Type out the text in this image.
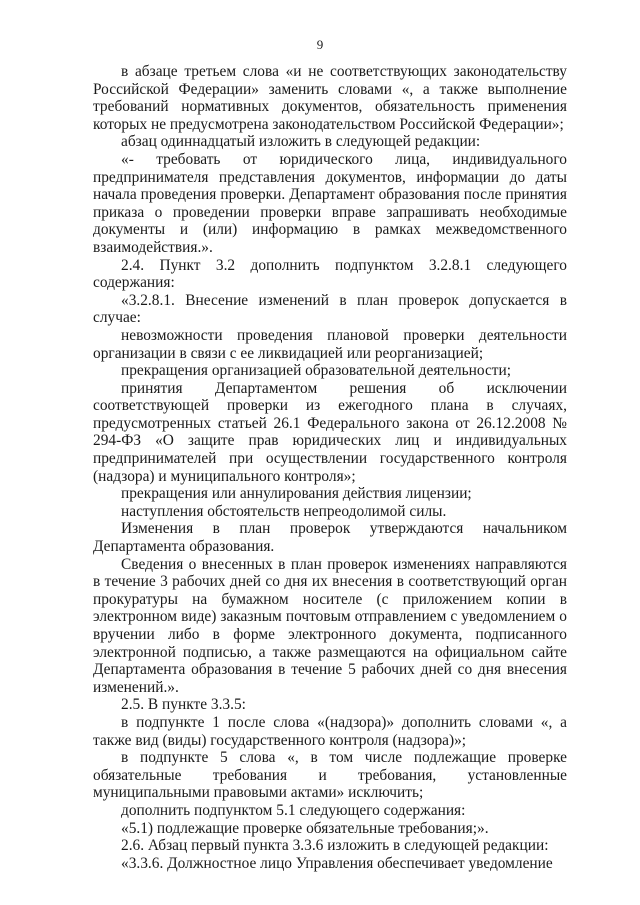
9

в абзаце третьем слова «и не соответствующих законодательству Российской Федерации» заменить словами «, а также выполнение требований нормативных документов, обязательность применения которых не предусмотрена законодательством Российской Федерации»;

абзац одиннадцатый изложить в следующей редакции:

«- требовать от юридического лица, индивидуального предпринимателя представления документов, информации до даты начала проведения проверки. Департамент образования после принятия приказа о проведении проверки вправе запрашивать необходимые документы и (или) информацию в рамках межведомственного взаимодействия.».

2.4. Пункт 3.2 дополнить подпунктом 3.2.8.1 следующего содержания:

«3.2.8.1. Внесение изменений в план проверок допускается в случае:

невозможности проведения плановой проверки деятельности организации в связи с ее ликвидацией или реорганизацией;

прекращения организацией образовательной деятельности;

принятия Департаментом решения об исключении соответствующей проверки из ежегодного плана в случаях, предусмотренных статьей 26.1 Федерального закона от 26.12.2008 № 294-ФЗ «О защите прав юридических лиц и индивидуальных предпринимателей при осуществлении государственного контроля (надзора) и муниципального контроля»;

прекращения или аннулирования действия лицензии;

наступления обстоятельств непреодолимой силы.

Изменения в план проверок утверждаются начальником Департамента образования.

Сведения о внесенных в план проверок изменениях направляются в течение 3 рабочих дней со дня их внесения в соответствующий орган прокуратуры на бумажном носителе (с приложением копии в электронном виде) заказным почтовым отправлением с уведомлением о вручении либо в форме электронного документа, подписанного электронной подписью, а также размещаются на официальном сайте Департамента образования в течение 5 рабочих дней со дня внесения изменений.».

2.5. В пункте 3.3.5:

в подпункте 1 после слова «(надзора)» дополнить словами «, а также вид (виды) государственного контроля (надзора)»;

в подпункте 5 слова «, в том числе подлежащие проверке обязательные требования и требования, установленные муниципальными правовыми актами» исключить;

дополнить подпунктом 5.1 следующего содержания:

«5.1) подлежащие проверке обязательные требования;».

2.6. Абзац первый пункта 3.3.6 изложить в следующей редакции:

«3.3.6. Должностное лицо Управления обеспечивает уведомление
